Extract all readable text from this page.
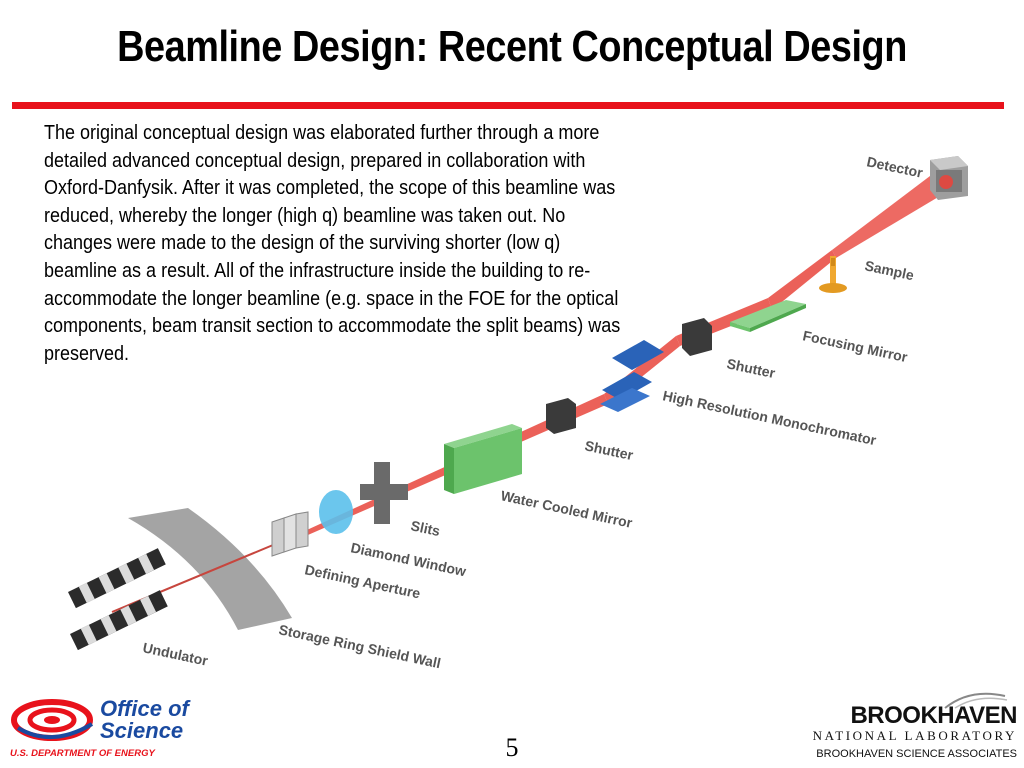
Beamline Design: Recent Conceptual Design
The original conceptual design was elaborated further through a more detailed advanced conceptual design, prepared in collaboration with Oxford-Danfysik. After it was completed, the scope of this beamline was reduced, whereby the longer (high q) beamline was taken out. No changes were made to the design of the surviving shorter (low q) beamline as a result. All of the infrastructure inside the building to re-accommodate the longer beamline (e.g. space in the FOE for the optical components, beam transit section to accommodate the split beams) was preserved.
Detector
Sample
Focusing Mirror
Shutter
High Resolution Monochromator
Shutter
Water Cooled Mirror
Slits
Diamond Window
Defining Aperture
Storage Ring Shield Wall
Undulator
Office of
Science
U.S. DEPARTMENT OF ENERGY	5
BROOKHAVEN
NATIONAL LABORATORY
BROOKHAVEN SCIENCE ASSOCIATES
